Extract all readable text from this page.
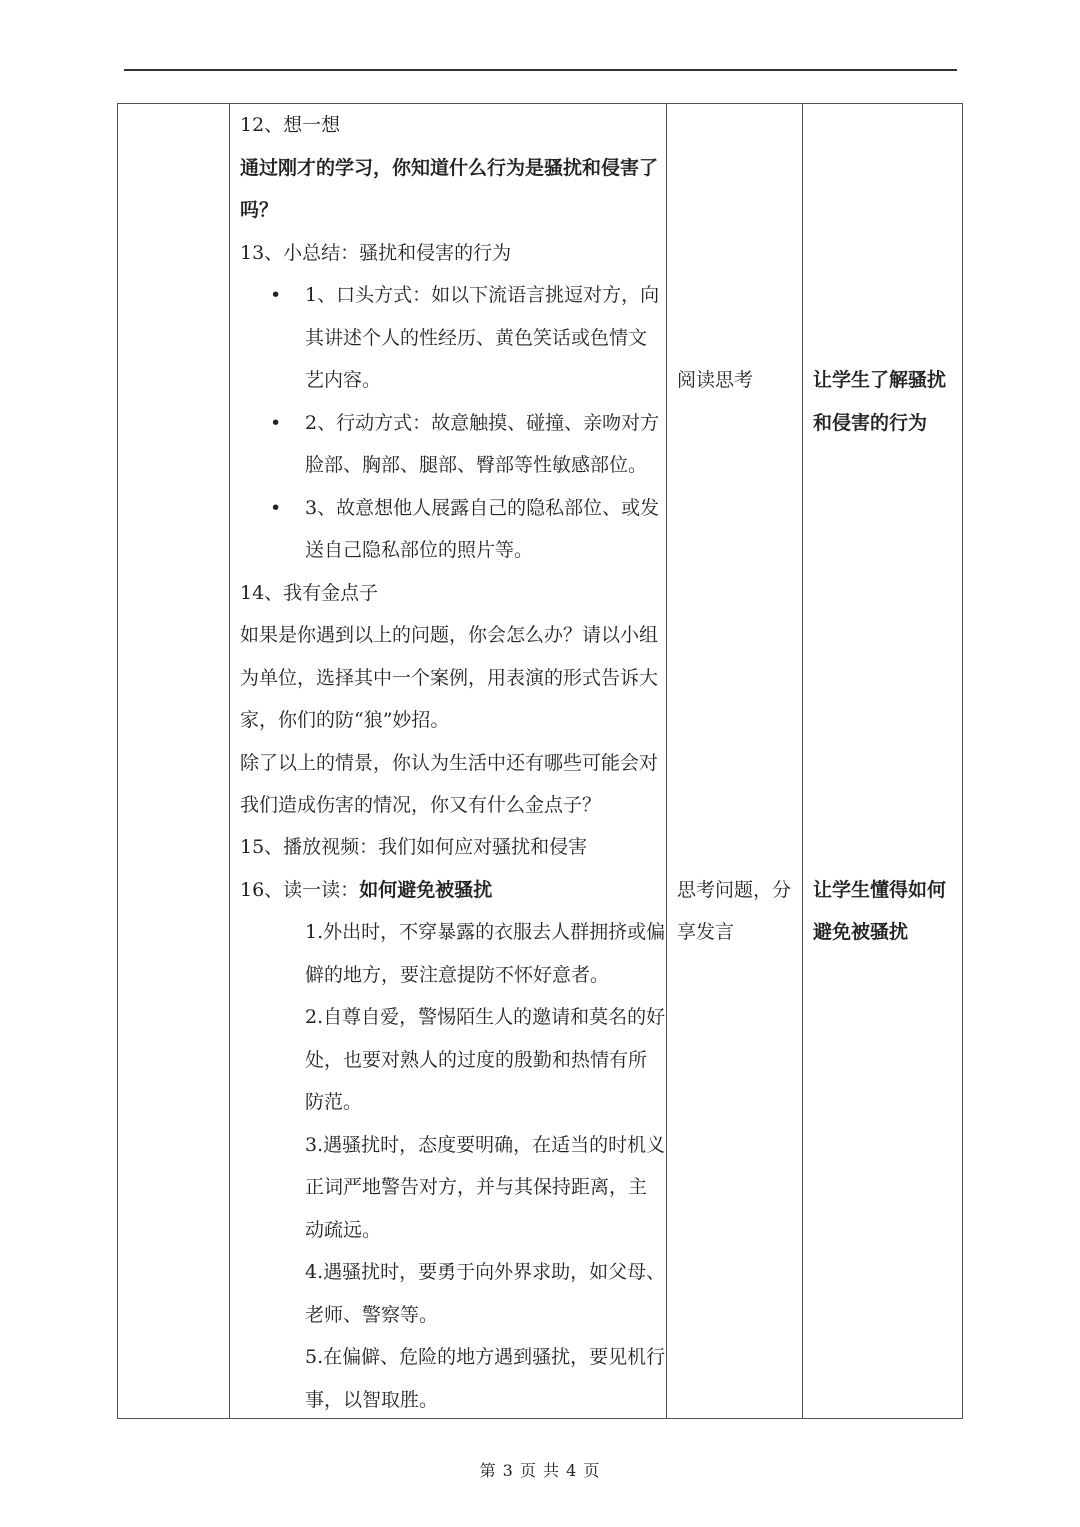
12、想一想
通过刚才的学习，你知道什么行为是骚扰和侵害了
吗？
13、小总结：骚扰和侵害的行为
• 1、口头方式：如以下流语言挑逗对方，向
其讲述个人的性经历、黄色笑话或色情文
艺内容。
• 2、行动方式：故意触摸、碰撞、亲吻对方
脸部、胸部、腿部、臀部等性敏感部位。
• 3、故意想他人展露自己的隐私部位、或发
送自己隐私部位的照片等。
14、我有金点子
如果是你遇到以上的问题，你会怎么办？请以小组
为单位，选择其中一个案例，用表演的形式告诉大
家，你们的防“狼”妙招。
除了以上的情景，你认为生活中还有哪些可能会对
我们造成伤害的情况，你又有什么金点子？
15、播放视频：我们如何应对骚扰和侵害
16、读一读：如何避免被骚扰
1.外出时，不穿暴露的衣服去人群拥挤或偏
僻的地方，要注意提防不怀好意者。
2.自尊自爱，警惕陌生人的邀请和莫名的好
处，也要对熟人的过度的殷勤和热情有所
防范。
3.遇骚扰时，态度要明确，在适当的时机义
正词严地警告对方，并与其保持距离，主
动疏远。
4.遇骚扰时，要勇于向外界求助，如父母、
老师、警察等。
5.在偏僻、危险的地方遇到骚扰，要见机行
事，以智取胜。
阅读思考
思考问题，分
享发言
让学生了解骚扰
和侵害的行为
让学生懂得如何
避免被骚扰
第 3 页 共 4 页
